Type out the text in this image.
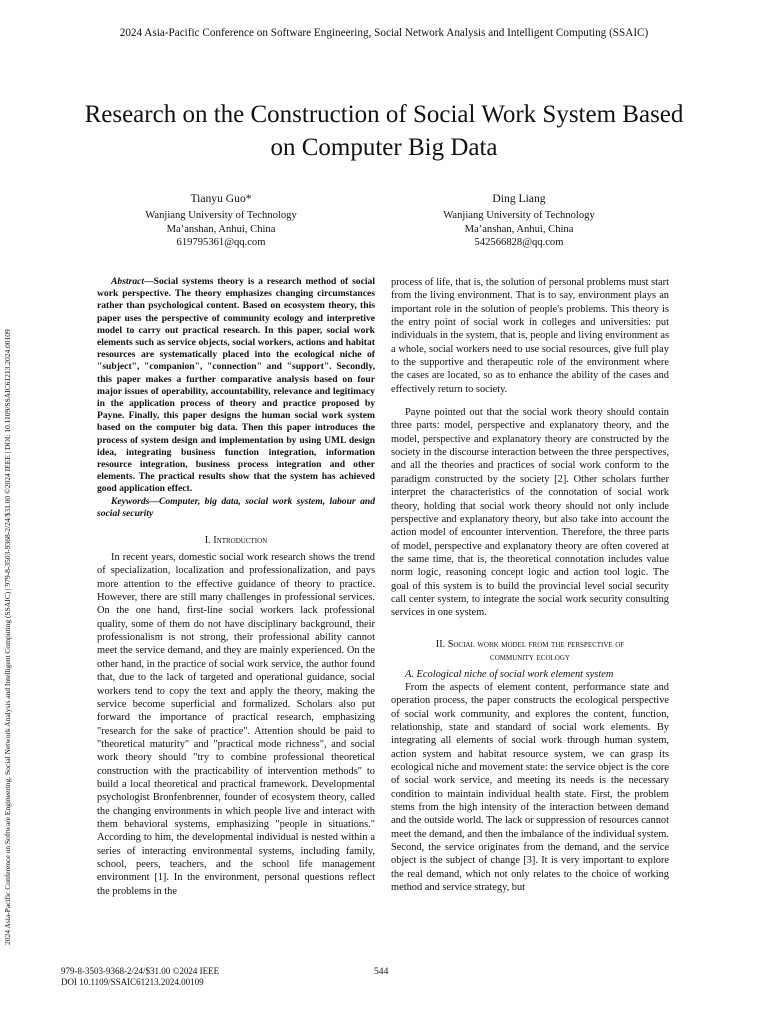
2024 Asia-Pacific Conference on Software Engineering, Social Network Analysis and Intelligent Computing (SSAIC)
2024 Asia-Pacific Conference on Software Engineering, Social Network Analysis and Intelligent Computing (SSAIC) | 979-8-3503-9368-2/24/$31.00 ©2024 IEEE | DOI: 10.1109/SSAIC61213.2024.00109
Research on the Construction of Social Work System Based on Computer Big Data
Tianyu Guo*
Wanjiang University of Technology
Ma’anshan, Anhui, China
619795361@qq.com
Ding Liang
Wanjiang University of Technology
Ma’anshan, Anhui, China
542566828@qq.com

Abstract—Social systems theory is a research method of social work perspective. The theory emphasizes changing circumstances rather than psychological content. Based on ecosystem theory, this paper uses the perspective of community ecology and interpretive model to carry out practical research. In this paper, social work elements such as service objects, social workers, actions and habitat resources are systematically placed into the ecological niche of "subject", "companion", "connection" and "support". Secondly, this paper makes a further comparative analysis based on four major issues of operability, accountability, relevance and legitimacy in the application process of theory and practice proposed by Payne. Finally, this paper designs the human social work system based on the computer big data. Then this paper introduces the process of system design and implementation by using UML design idea, integrating business function integration, information resource integration, business process integration and other elements. The practical results show that the system has achieved good application effect.

Keywords—Computer, big data, social work system, labour and social security

I. Introduction

In recent years, domestic social work research shows the trend of specialization, localization and professionalization, and pays more attention to the effective guidance of theory to practice. However, there are still many challenges in professional services. On the one hand, first-line social workers lack professional quality, some of them do not have disciplinary background, their professionalism is not strong, their professional ability cannot meet the service demand, and they are mainly experienced. On the other hand, in the practice of social work service, the author found that, due to the lack of targeted and operational guidance, social workers tend to copy the text and apply the theory, making the service become superficial and formalized. Scholars also put forward the importance of practical research, emphasizing "research for the sake of practice". Attention should be paid to "theoretical maturity" and "practical mode richness", and social work theory should "try to combine professional theoretical construction with the practicability of intervention methods" to build a local theoretical and practical framework. Developmental psychologist Bronfenbrenner, founder of ecosystem theory, called the changing environments in which people live and interact with them behavioral systems, emphasizing "people in situations." According to him, the developmental individual is nested within a series of interacting environmental systems, including family, school, peers, teachers, and the school life management environment [1]. In the environment, personal questions reflect the problems in the

process of life, that is, the solution of personal problems must start from the living environment. That is to say, environment plays an important role in the solution of people's problems. This theory is the entry point of social work in colleges and universities: put individuals in the system, that is, people and living environment as a whole, social workers need to use social resources, give full play to the supportive and therapeutic role of the environment where the cases are located, so as to enhance the ability of the cases and effectively return to society.

Payne pointed out that the social work theory should contain three parts: model, perspective and explanatory theory, and the model, perspective and explanatory theory are constructed by the society in the discourse interaction between the three perspectives, and all the theories and practices of social work conform to the paradigm constructed by the society [2]. Other scholars further interpret the characteristics of the connotation of social work theory, holding that social work theory should not only include perspective and explanatory theory, but also take into account the action model of encounter intervention. Therefore, the three parts of model, perspective and explanatory theory are often covered at the same time, that is, the theoretical connotation includes value norm logic, reasoning concept logic and action tool logic. The goal of this system is to build the provincial level social security call center system, to integrate the social work security consulting services in one system.

II. Social work model from the perspective of
community ecology

A. Ecological niche of social work element system

From the aspects of element content, performance state and operation process, the paper constructs the ecological perspective of social work community, and explores the content, function, relationship, state and standard of social work elements. By integrating all elements of social work through human system, action system and habitat resource system, we can grasp its ecological niche and movement state: the service object is the core of social work service, and meeting its needs is the necessary condition to maintain individual health state. First, the problem stems from the high intensity of the interaction between demand and the outside world. The lack or suppression of resources cannot meet the demand, and then the imbalance of the individual system. Second, the service originates from the demand, and the service object is the subject of change [3]. It is very important to explore the real demand, which not only relates to the choice of working method and service strategy, but

979-8-3503-9368-2/24/$31.00 ©2024 IEEE
DOI 10.1109/SSAIC61213.2024.00109
544
